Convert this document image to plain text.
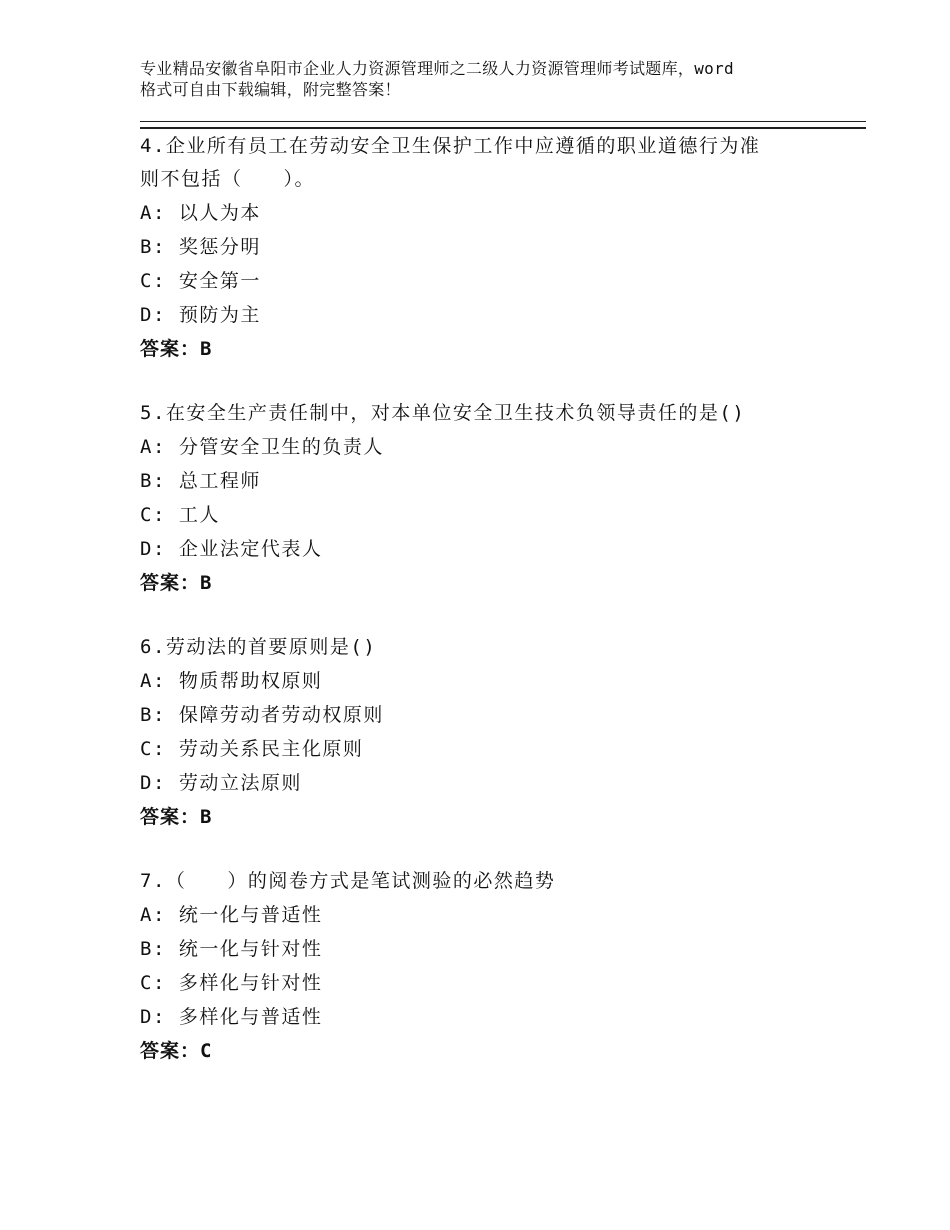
专业精品安徽省阜阳市企业人力资源管理师之二级人力资源管理师考试题库，word
格式可自由下载编辑，附完整答案！
4.企业所有员工在劳动安全卫生保护工作中应遵循的职业道德行为准
则不包括（　　）。
A: 以人为本
B: 奖惩分明
C: 安全第一
D: 预防为主
答案：B
5.在安全生产责任制中，对本单位安全卫生技术负领导责任的是()
A: 分管安全卫生的负责人
B: 总工程师
C: 工人
D: 企业法定代表人
答案：B
6.劳动法的首要原则是()
A: 物质帮助权原则
B: 保障劳动者劳动权原则
C: 劳动关系民主化原则
D: 劳动立法原则
答案：B
7.（　　）的阅卷方式是笔试测验的必然趋势
A: 统一化与普适性
B: 统一化与针对性
C: 多样化与针对性
D: 多样化与普适性
答案：C
